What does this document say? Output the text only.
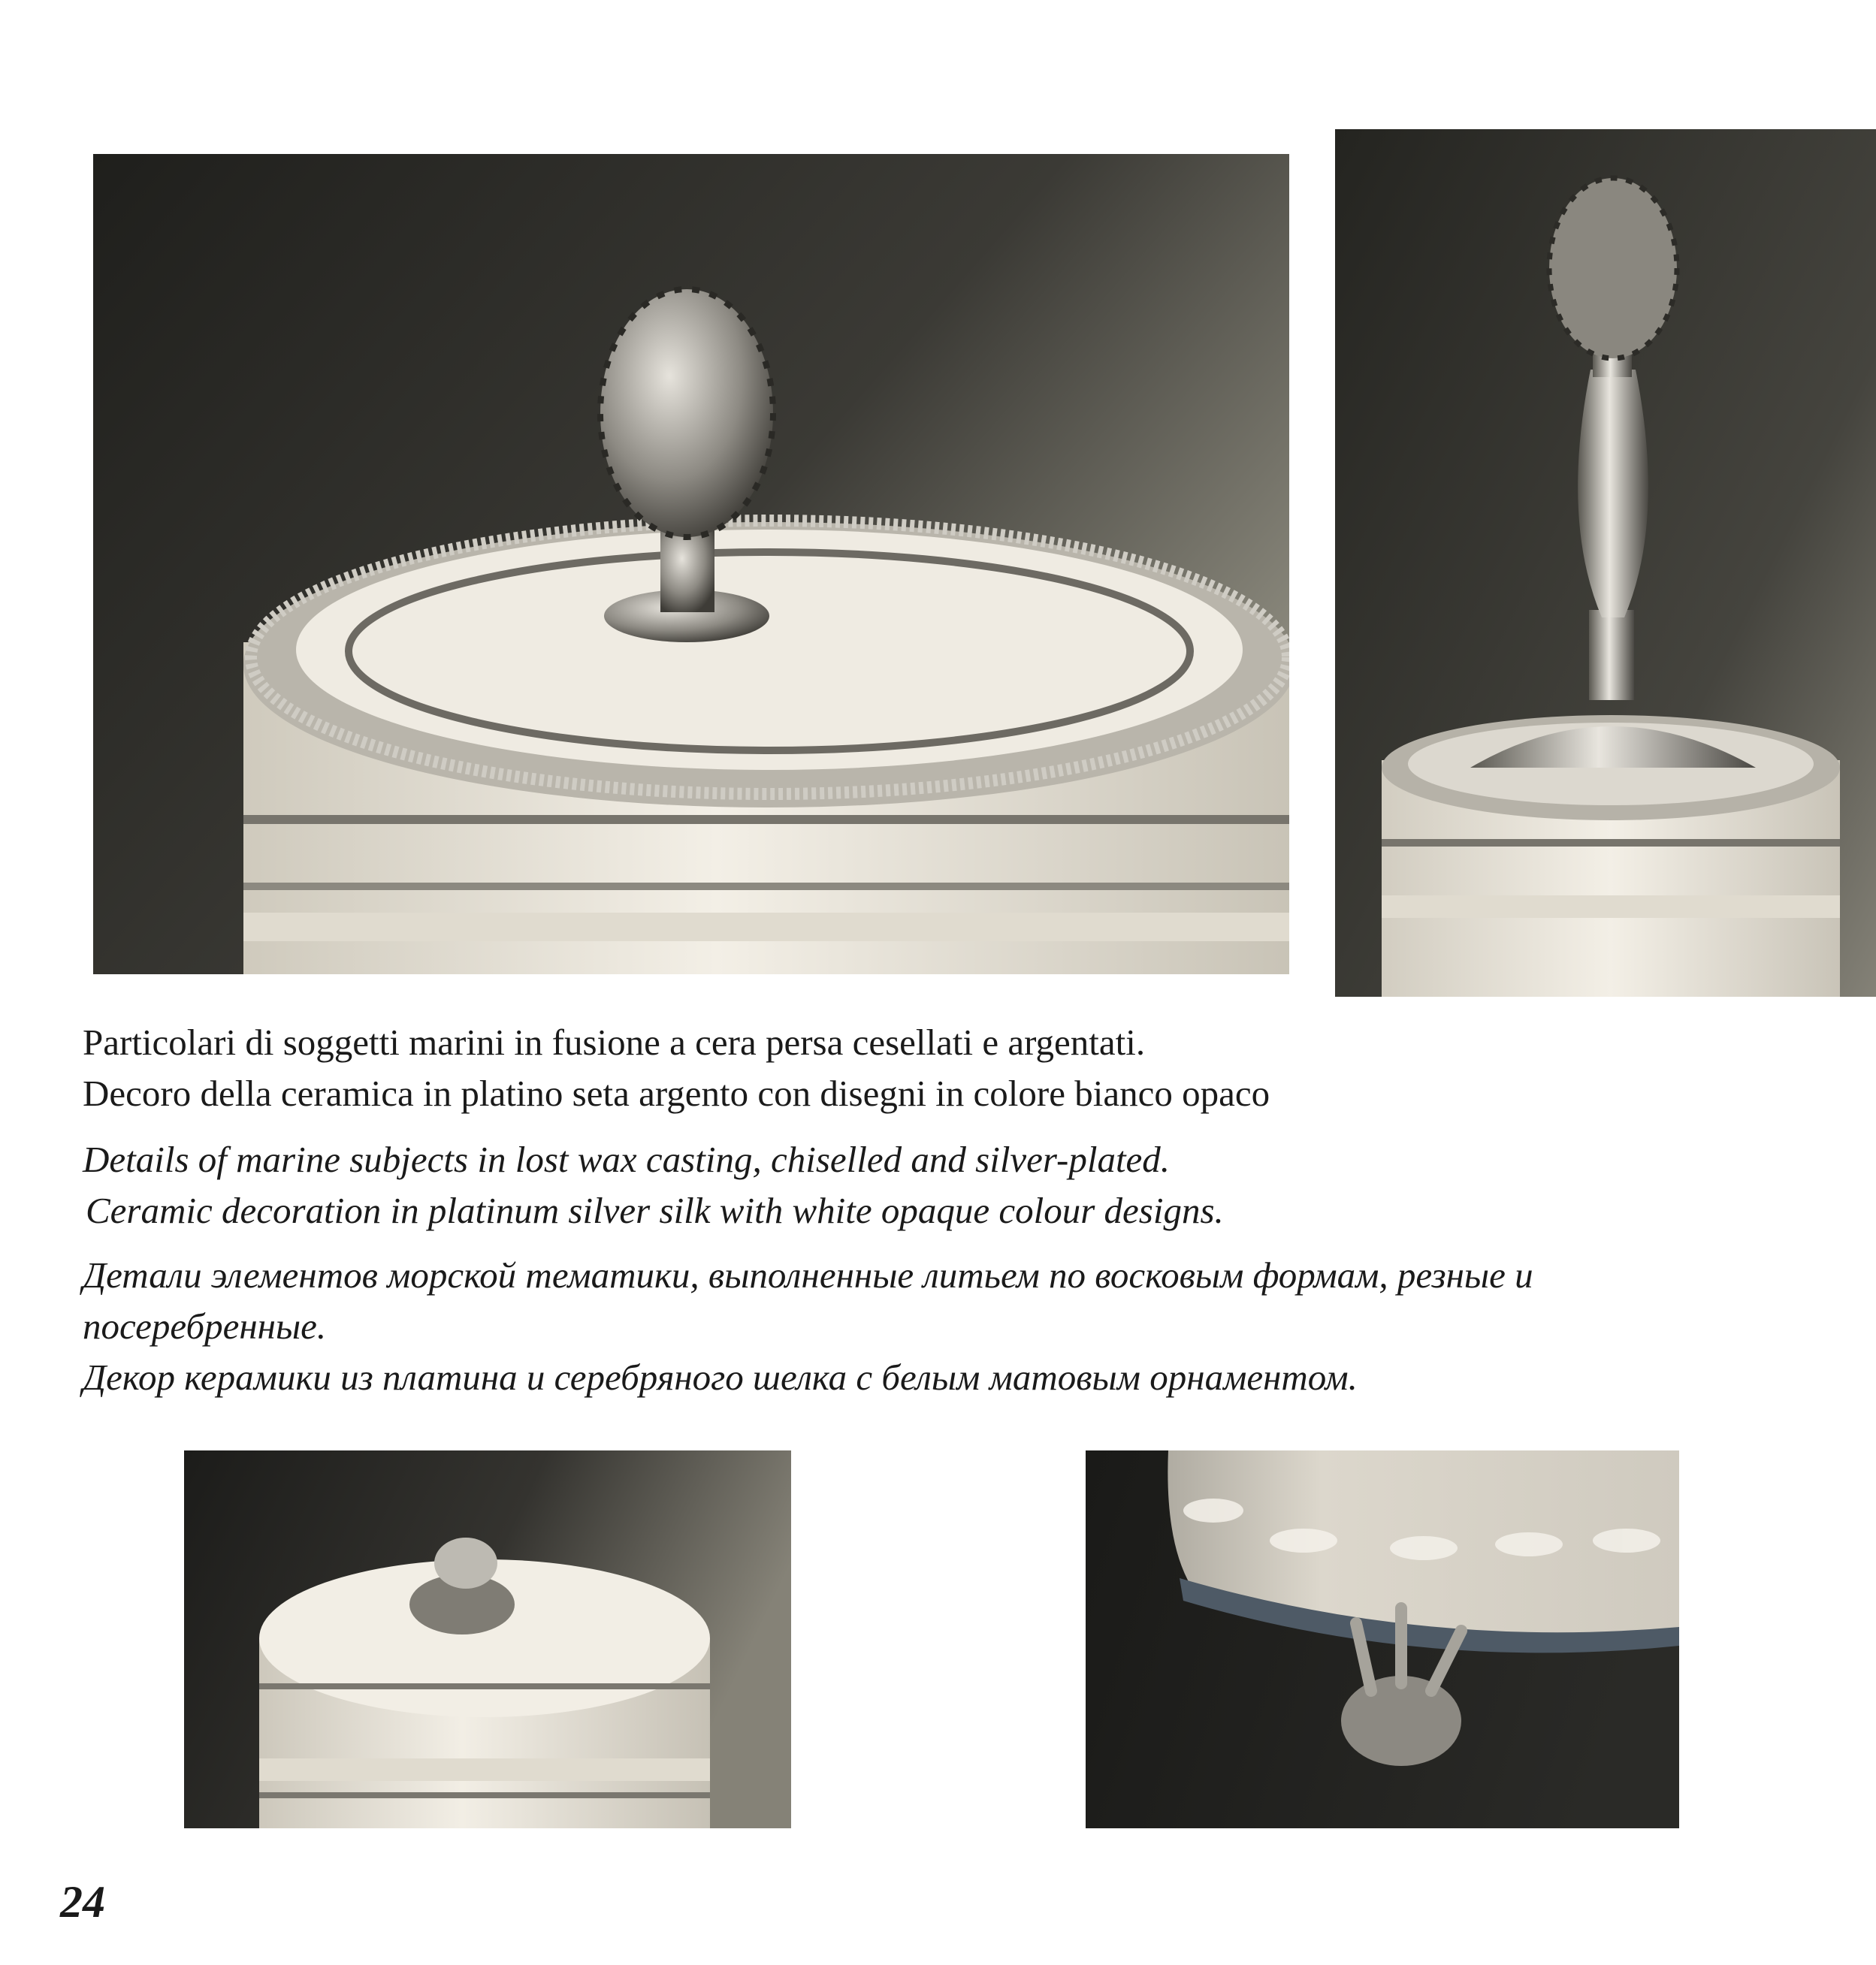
Particolari di soggetti marini in fusione a cera persa cesellati e argentati.

Decoro della ceramica in platino seta argento con disegni in colore bianco opaco

Details of marine subjects in lost wax casting, chiselled and silver-plated.

Ceramic decoration in platinum silver silk with white opaque colour designs.

Детали элементов морской тематики, выполненные литьем по восковым формам, резные и

посеребренные.

Декор керамики из платина и серебряного шелка с белым матовым орнаментом.

24
